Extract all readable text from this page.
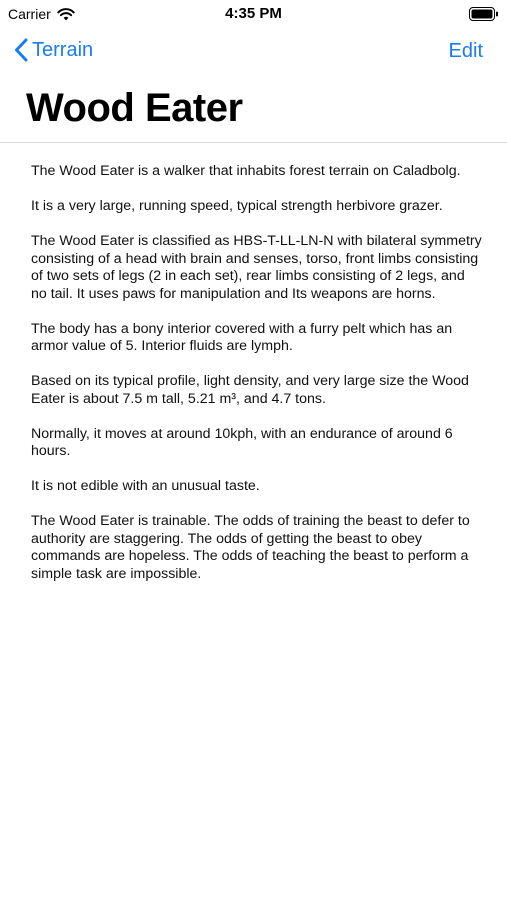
Carrier	4:35 PM
Terrain	Edit
Wood Eater

The Wood Eater is a walker that inhabits forest terrain on Caladbolg.

It is a very large, running speed, typical strength herbivore grazer.

The Wood Eater is classified as HBS-T-LL-LN-N with bilateral symmetry consisting of a head with brain and senses, torso, front limbs consisting of two sets of legs (2 in each set), rear limbs consisting of 2 legs, and no tail. It uses paws for manipulation and Its weapons are horns.

The body has a bony interior covered with a furry pelt which has an armor value of 5. Interior fluids are lymph.

Based on its typical profile, light density, and very large size the Wood Eater is about 7.5 m tall, 5.21 m³, and 4.7 tons.

Normally, it moves at around 10kph, with an endurance of around 6 hours.

It is not edible with an unusual taste.

The Wood Eater is trainable. The odds of training the beast to defer to authority are staggering. The odds of getting the beast to obey commands are hopeless. The odds of teaching the beast to perform a simple task are impossible.
